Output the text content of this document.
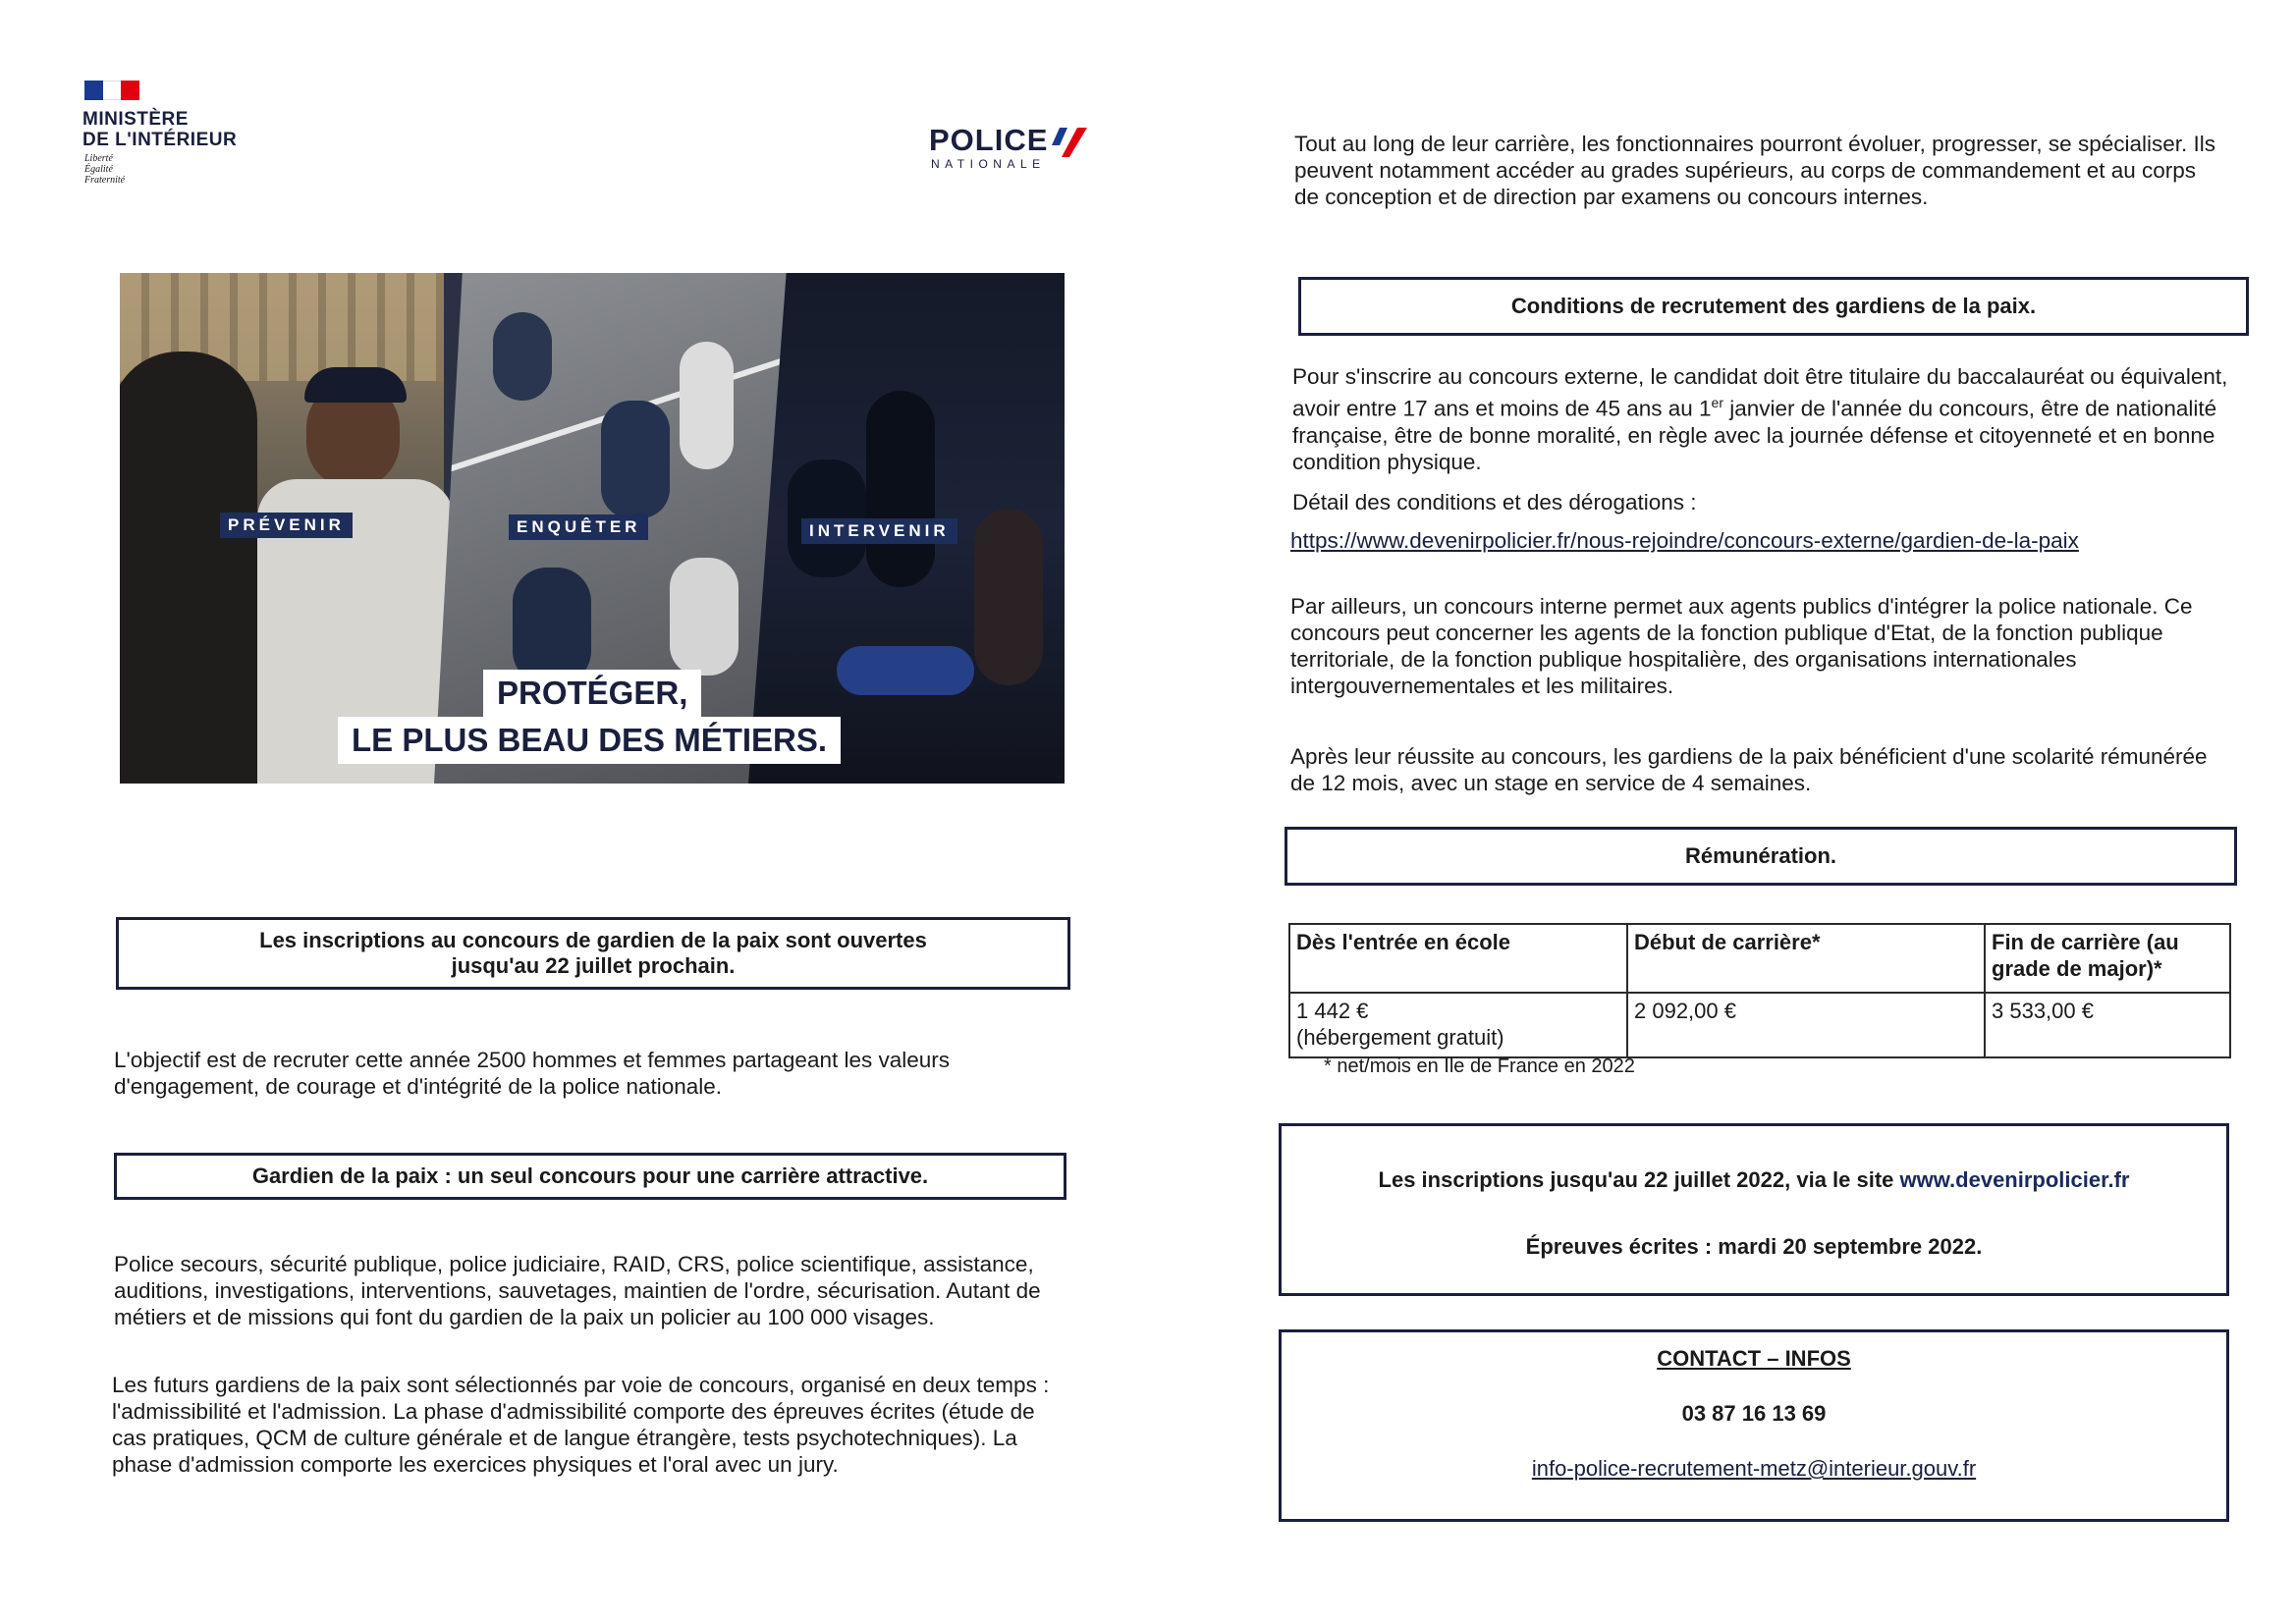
MINISTÈRE
DE L'INTÉRIEUR
Liberté
Égalité
Fraternité
POLICE
NATIONALE
PRÉVENIR	ENQUÊTER	INTERVENIR
PROTÉGER,
LE PLUS BEAU DES MÉTIERS.
Les inscriptions au concours de gardien de la paix sont ouvertes jusqu'au 22 juillet prochain.

L'objectif est de recruter cette année 2500 hommes et femmes partageant les valeurs d'engagement, de courage et d'intégrité de la police nationale.

Gardien de la paix : un seul concours pour une carrière attractive.

Police secours, sécurité publique, police judiciaire, RAID, CRS, police scientifique, assistance, auditions, investigations, interventions, sauvetages, maintien de l'ordre, sécurisation. Autant de métiers et de missions qui font du gardien de la paix un policier au 100 000 visages.

Les futurs gardiens de la paix sont sélectionnés par voie de concours, organisé en deux temps : l'admissibilité et l'admission. La phase d'admissibilité comporte des épreuves écrites (étude de cas pratiques, QCM de culture générale et de langue étrangère, tests psychotechniques). La phase d'admission comporte les exercices physiques et l'oral avec un jury.

Tout au long de leur carrière, les fonctionnaires pourront évoluer, progresser, se spécialiser. Ils peuvent notamment accéder au grades supérieurs, au corps de commandement et au corps de conception et de direction par examens ou concours internes.

Conditions de recrutement des gardiens de la paix.

Pour s'inscrire au concours externe, le candidat doit être titulaire du baccalauréat ou équivalent, avoir entre 17 ans et moins de 45 ans au 1er janvier de l'année du concours, être de nationalité française, être de bonne moralité, en règle avec la journée défense et citoyenneté et en bonne condition physique.

Détail des conditions et des dérogations :

https://www.devenirpolicier.fr/nous-rejoindre/concours-externe/gardien-de-la-paix

Par ailleurs, un concours interne permet aux agents publics d'intégrer la police nationale. Ce concours peut concerner les agents de la fonction publique d'Etat, de la fonction publique territoriale, de la fonction publique hospitalière, des organisations internationales intergouvernementales et les militaires.

Après leur réussite au concours, les gardiens de la paix bénéficient d'une scolarité rémunérée de 12 mois, avec un stage en service de 4 semaines.

Rémunération.
Dès l'entrée en école	Début de carrière*	Fin de carrière (au grade de major)*

1 442 €
(hébergement gratuit)	2 092,00 €	3 533,00 €
* net/mois en Ile de France en 2022
Les inscriptions jusqu'au 22 juillet 2022, via le site www.devenirpolicier.fr
Épreuves écrites : mardi 20 septembre 2022.
CONTACT – INFOS
03 87 16 13 69
info-police-recrutement-metz@interieur.gouv.fr
